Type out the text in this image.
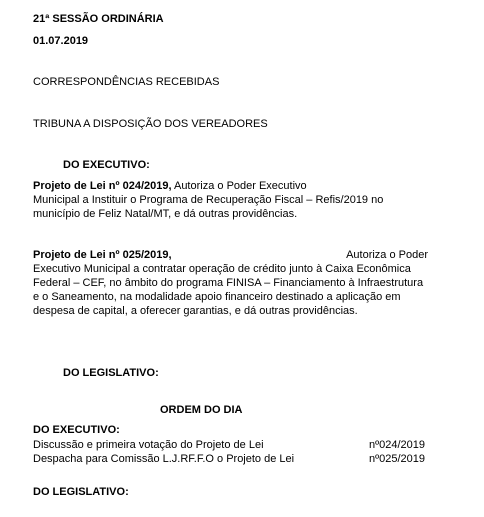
21ª SESSÃO ORDINÁRIA
01.07.2019
CORRESPONDÊNCIAS RECEBIDAS
TRIBUNA A DISPOSIÇÃO DOS VEREADORES
DO EXECUTIVO:

Projeto de Lei nº 024/2019, Autoriza o Poder Executivo

Municipal a Instituir o Programa de Recuperação Fiscal – Refis/2019 no

município de Feliz Natal/MT, e dá outras providências.

Projeto de Lei nº 025/2019,	Autoriza o Poder

Executivo Municipal a contratar operação de crédito junto à Caixa Econômica

Federal – CEF, no âmbito do programa FINISA – Financiamento à Infraestrutura

e o Saneamento, na modalidade apoio financeiro destinado a aplicação em

despesa de capital, a oferecer garantias, e dá outras providências.

DO LEGISLATIVO:
ORDEM DO DIA
DO EXECUTIVO:
Discussão e primeira votação do Projeto de Lei	nº024/2019
Despacha para Comissão L.J.RF.F.O o Projeto de Lei	nº025/2019
DO LEGISLATIVO:
